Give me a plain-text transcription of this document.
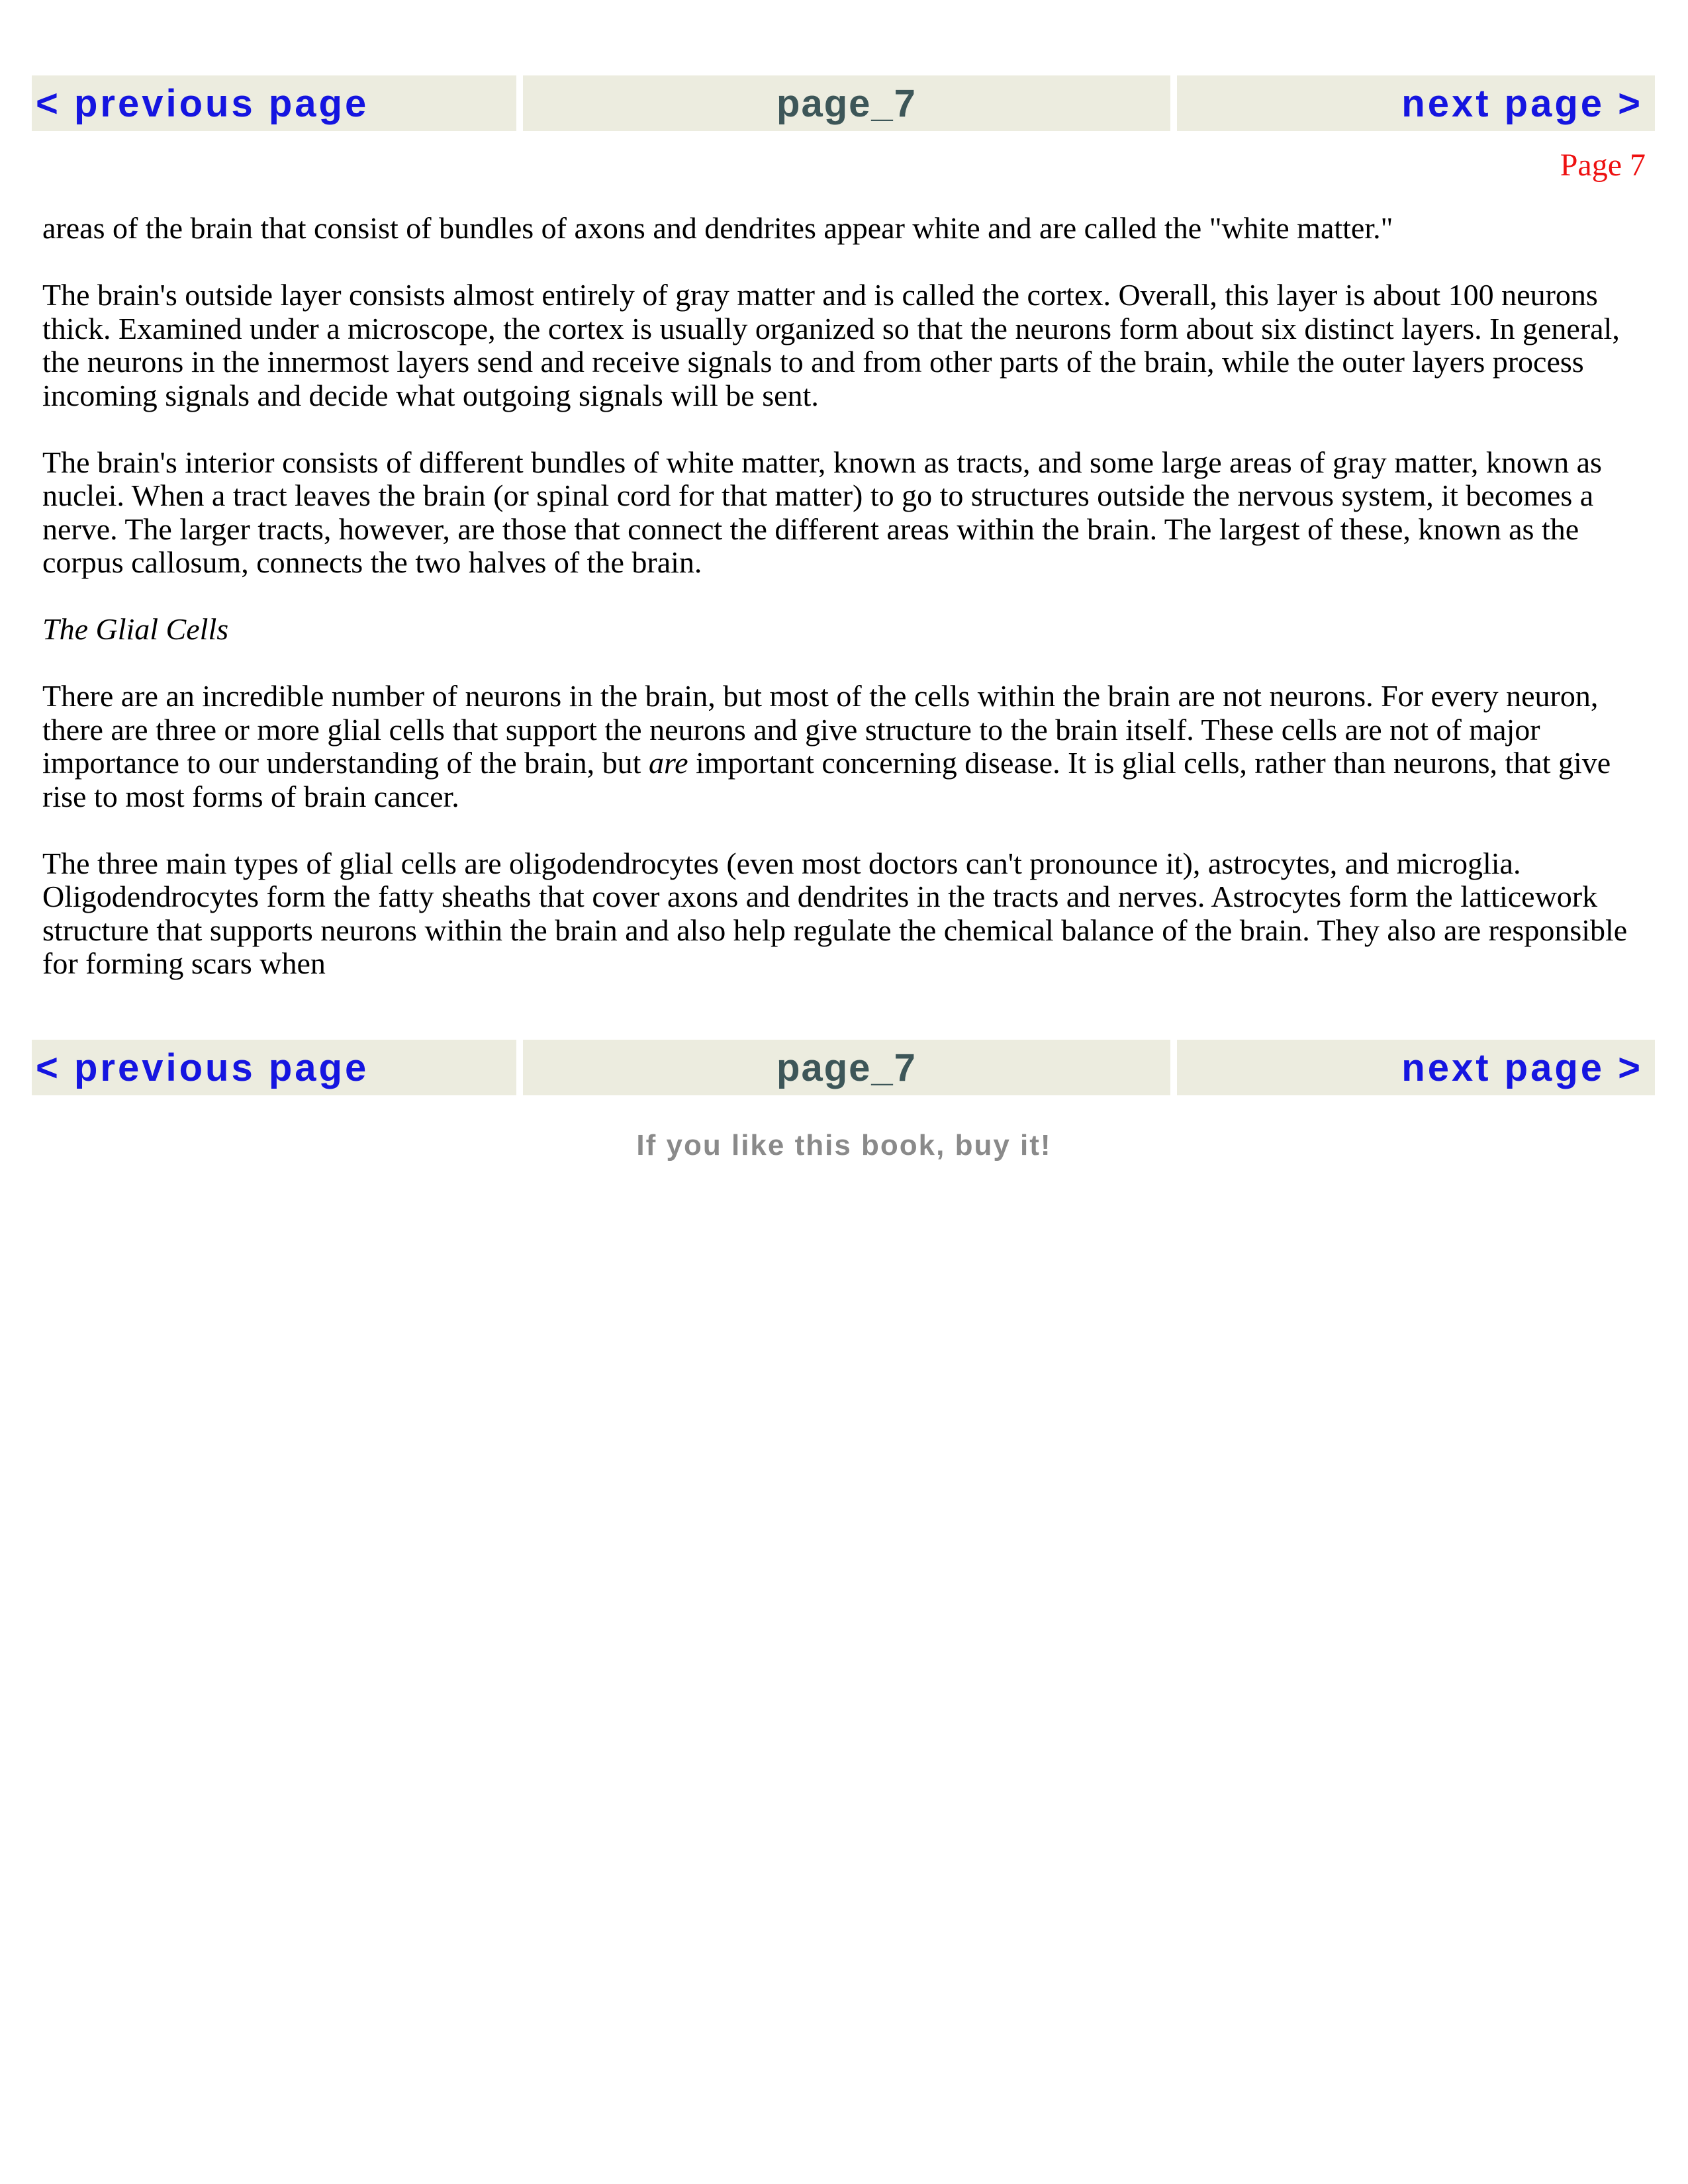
< previous page	page_7	next page >
Page 7

areas of the brain that consist of bundles of axons and dendrites appear white and are called the "white matter."

The brain's outside layer consists almost entirely of gray matter and is called the cortex. Overall, this layer is about 100 neurons thick. Examined under a microscope, the cortex is usually organized so that the neurons form about six distinct layers. In general, the neurons in the innermost layers send and receive signals to and from other parts of the brain, while the outer layers process incoming signals and decide what outgoing signals will be sent.

The brain's interior consists of different bundles of white matter, known as tracts, and some large areas of gray matter, known as nuclei. When a tract leaves the brain (or spinal cord for that matter) to go to structures outside the nervous system, it becomes a nerve. The larger tracts, however, are those that connect the different areas within the brain. The largest of these, known as the corpus callosum, connects the two halves of the brain.

The Glial Cells

There are an incredible number of neurons in the brain, but most of the cells within the brain are not neurons. For every neuron, there are three or more glial cells that support the neurons and give structure to the brain itself. These cells are not of major importance to our understanding of the brain, but are important concerning disease. It is glial cells, rather than neurons, that give rise to most forms of brain cancer.

The three main types of glial cells are oligodendrocytes (even most doctors can't pronounce it), astrocytes, and microglia. Oligodendrocytes form the fatty sheaths that cover axons and dendrites in the tracts and nerves. Astrocytes form the latticework structure that supports neurons within the brain and also help regulate the chemical balance of the brain. They also are responsible for forming scars when

< previous page	page_7	next page >
If you like this book, buy it!
